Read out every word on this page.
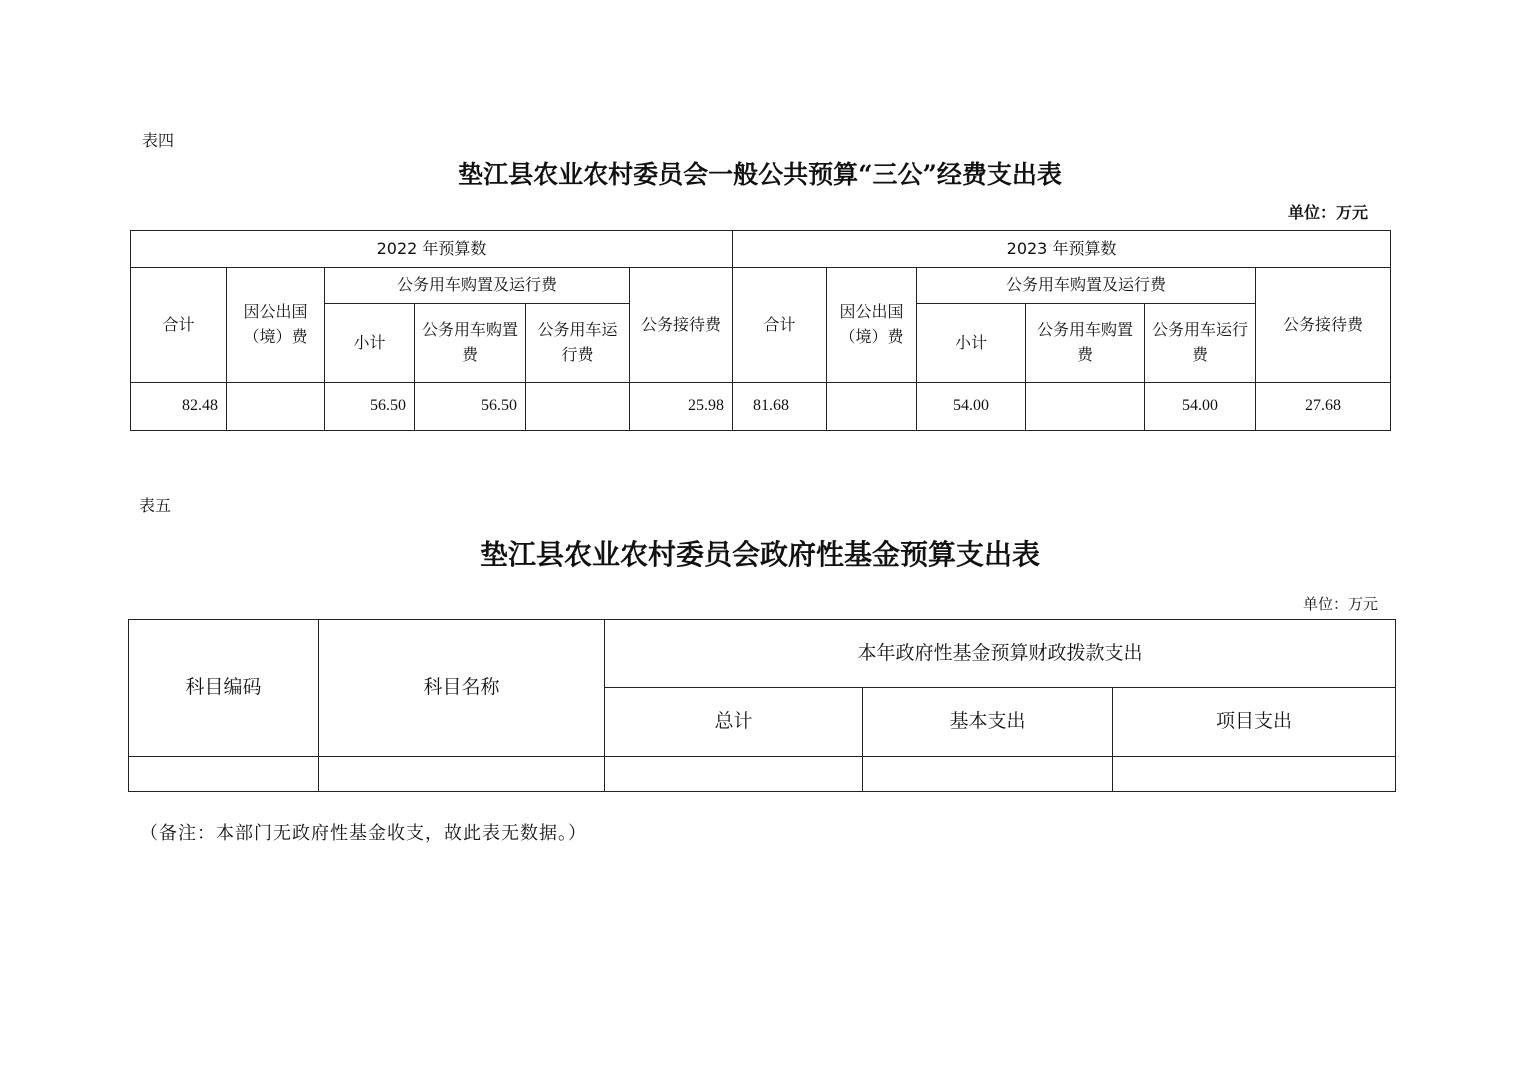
表四
垫江县农业农村委员会一般公共预算“三公”经费支出表
单位：万元
2022 年预算数						2023 年预算数					
合计	因公出国（境）费	公务用车购置及运行费			公务接待费	合计	因公出国（境）费	公务用车购置及运行费			公务接待费
		小计	公务用车购置费	公务用车运行费				小计	公务用车购置费	公务用车运行费	
82.48		56.50	56.50		25.98	81.68		54.00		54.00	27.68
表五
垫江县农业农村委员会政府性基金预算支出表
单位：万元
科目编码	科目名称	本年政府性基金预算财政拨款支出		
		总计	基本支出	项目支出

（备注：本部门无政府性基金收支，故此表无数据。）
